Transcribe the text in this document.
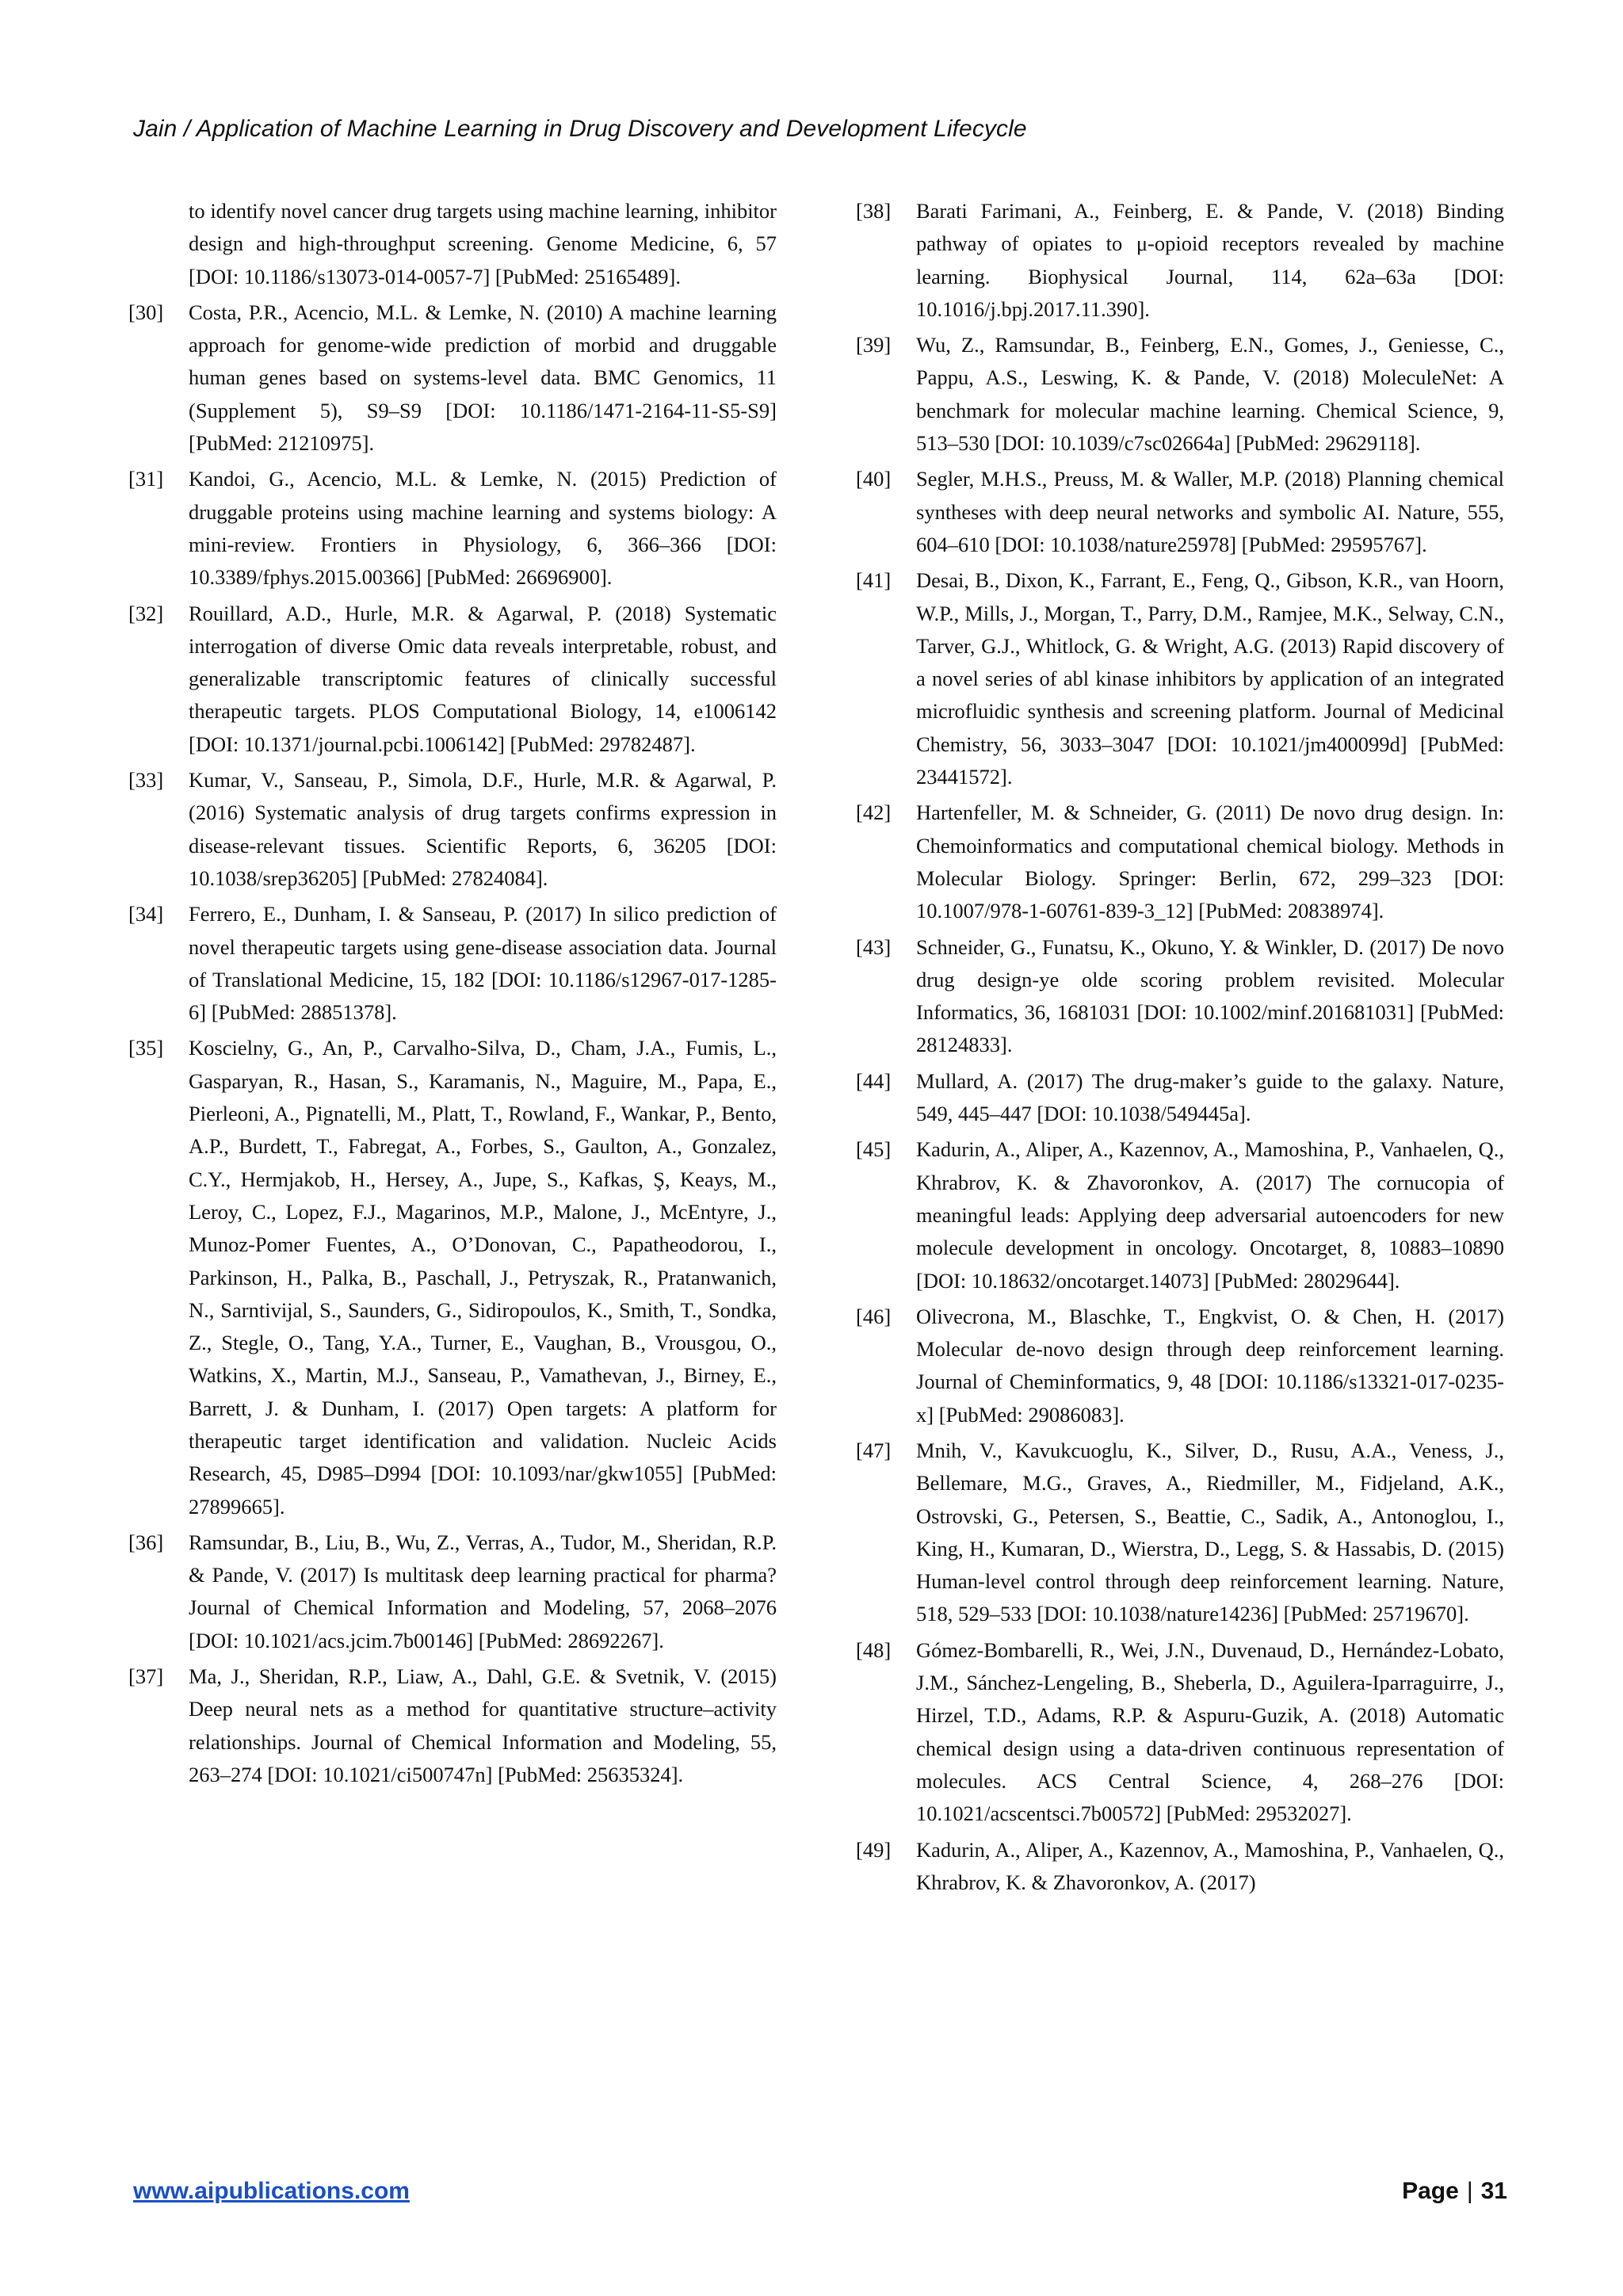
Jain / Application of Machine Learning in Drug Discovery and Development Lifecycle
to identify novel cancer drug targets using machine learning, inhibitor design and high-throughput screening. Genome Medicine, 6, 57 [DOI: 10.1186/s13073-014-0057-7] [PubMed: 25165489].
[30] Costa, P.R., Acencio, M.L. & Lemke, N. (2010) A machine learning approach for genome-wide prediction of morbid and druggable human genes based on systems-level data. BMC Genomics, 11 (Supplement 5), S9–S9 [DOI: 10.1186/1471-2164-11-S5-S9] [PubMed: 21210975].
[31] Kandoi, G., Acencio, M.L. & Lemke, N. (2015) Prediction of druggable proteins using machine learning and systems biology: A mini-review. Frontiers in Physiology, 6, 366–366 [DOI: 10.3389/fphys.2015.00366] [PubMed: 26696900].
[32] Rouillard, A.D., Hurle, M.R. & Agarwal, P. (2018) Systematic interrogation of diverse Omic data reveals interpretable, robust, and generalizable transcriptomic features of clinically successful therapeutic targets. PLOS Computational Biology, 14, e1006142 [DOI: 10.1371/journal.pcbi.1006142] [PubMed: 29782487].
[33] Kumar, V., Sanseau, P., Simola, D.F., Hurle, M.R. & Agarwal, P. (2016) Systematic analysis of drug targets confirms expression in disease-relevant tissues. Scientific Reports, 6, 36205 [DOI: 10.1038/srep36205] [PubMed: 27824084].
[34] Ferrero, E., Dunham, I. & Sanseau, P. (2017) In silico prediction of novel therapeutic targets using gene-disease association data. Journal of Translational Medicine, 15, 182 [DOI: 10.1186/s12967-017-1285-6] [PubMed: 28851378].
[35] Koscielny, G., An, P., Carvalho-Silva, D., Cham, J.A., Fumis, L., Gasparyan, R., Hasan, S., Karamanis, N., Maguire, M., Papa, E., Pierleoni, A., Pignatelli, M., Platt, T., Rowland, F., Wankar, P., Bento, A.P., Burdett, T., Fabregat, A., Forbes, S., Gaulton, A., Gonzalez, C.Y., Hermjakob, H., Hersey, A., Jupe, S., Kafkas, Ş, Keays, M., Leroy, C., Lopez, F.J., Magarinos, M.P., Malone, J., McEntyre, J., Munoz-Pomer Fuentes, A., O’Donovan, C., Papatheodorou, I., Parkinson, H., Palka, B., Paschall, J., Petryszak, R., Pratanwanich, N., Sarntivijal, S., Saunders, G., Sidiropoulos, K., Smith, T., Sondka, Z., Stegle, O., Tang, Y.A., Turner, E., Vaughan, B., Vrousgou, O., Watkins, X., Martin, M.J., Sanseau, P., Vamathevan, J., Birney, E., Barrett, J. & Dunham, I. (2017) Open targets: A platform for therapeutic target identification and validation. Nucleic Acids Research, 45, D985–D994 [DOI: 10.1093/nar/gkw1055] [PubMed: 27899665].
[36] Ramsundar, B., Liu, B., Wu, Z., Verras, A., Tudor, M., Sheridan, R.P. & Pande, V. (2017) Is multitask deep learning practical for pharma? Journal of Chemical Information and Modeling, 57, 2068–2076 [DOI: 10.1021/acs.jcim.7b00146] [PubMed: 28692267].
[37] Ma, J., Sheridan, R.P., Liaw, A., Dahl, G.E. & Svetnik, V. (2015) Deep neural nets as a method for quantitative structure–activity relationships. Journal of Chemical Information and Modeling, 55, 263–274 [DOI: 10.1021/ci500747n] [PubMed: 25635324].
[38] Barati Farimani, A., Feinberg, E. & Pande, V. (2018) Binding pathway of opiates to μ-opioid receptors revealed by machine learning. Biophysical Journal, 114, 62a–63a [DOI: 10.1016/j.bpj.2017.11.390].
[39] Wu, Z., Ramsundar, B., Feinberg, E.N., Gomes, J., Geniesse, C., Pappu, A.S., Leswing, K. & Pande, V. (2018) MoleculeNet: A benchmark for molecular machine learning. Chemical Science, 9, 513–530 [DOI: 10.1039/c7sc02664a] [PubMed: 29629118].
[40] Segler, M.H.S., Preuss, M. & Waller, M.P. (2018) Planning chemical syntheses with deep neural networks and symbolic AI. Nature, 555, 604–610 [DOI: 10.1038/nature25978] [PubMed: 29595767].
[41] Desai, B., Dixon, K., Farrant, E., Feng, Q., Gibson, K.R., van Hoorn, W.P., Mills, J., Morgan, T., Parry, D.M., Ramjee, M.K., Selway, C.N., Tarver, G.J., Whitlock, G. & Wright, A.G. (2013) Rapid discovery of a novel series of abl kinase inhibitors by application of an integrated microfluidic synthesis and screening platform. Journal of Medicinal Chemistry, 56, 3033–3047 [DOI: 10.1021/jm400099d] [PubMed: 23441572].
[42] Hartenfeller, M. & Schneider, G. (2011) De novo drug design. In: Chemoinformatics and computational chemical biology. Methods in Molecular Biology. Springer: Berlin, 672, 299–323 [DOI: 10.1007/978-1-60761-839-3_12] [PubMed: 20838974].
[43] Schneider, G., Funatsu, K., Okuno, Y. & Winkler, D. (2017) De novo drug design-ye olde scoring problem revisited. Molecular Informatics, 36, 1681031 [DOI: 10.1002/minf.201681031] [PubMed: 28124833].
[44] Mullard, A. (2017) The drug-maker’s guide to the galaxy. Nature, 549, 445–447 [DOI: 10.1038/549445a].
[45] Kadurin, A., Aliper, A., Kazennov, A., Mamoshina, P., Vanhaelen, Q., Khrabrov, K. & Zhavoronkov, A. (2017) The cornucopia of meaningful leads: Applying deep adversarial autoencoders for new molecule development in oncology. Oncotarget, 8, 10883–10890 [DOI: 10.18632/oncotarget.14073] [PubMed: 28029644].
[46] Olivecrona, M., Blaschke, T., Engkvist, O. & Chen, H. (2017) Molecular de-novo design through deep reinforcement learning. Journal of Cheminformatics, 9, 48 [DOI: 10.1186/s13321-017-0235-x] [PubMed: 29086083].
[47] Mnih, V., Kavukcuoglu, K., Silver, D., Rusu, A.A., Veness, J., Bellemare, M.G., Graves, A., Riedmiller, M., Fidjeland, A.K., Ostrovski, G., Petersen, S., Beattie, C., Sadik, A., Antonoglou, I., King, H., Kumaran, D., Wierstra, D., Legg, S. & Hassabis, D. (2015) Human-level control through deep reinforcement learning. Nature, 518, 529–533 [DOI: 10.1038/nature14236] [PubMed: 25719670].
[48] Gómez-Bombarelli, R., Wei, J.N., Duvenaud, D., Hernández-Lobato, J.M., Sánchez-Lengeling, B., Sheberla, D., Aguilera-Iparraguirre, J., Hirzel, T.D., Adams, R.P. & Aspuru-Guzik, A. (2018) Automatic chemical design using a data-driven continuous representation of molecules. ACS Central Science, 4, 268–276 [DOI: 10.1021/acscentsci.7b00572] [PubMed: 29532027].
[49] Kadurin, A., Aliper, A., Kazennov, A., Mamoshina, P., Vanhaelen, Q., Khrabrov, K. & Zhavoronkov, A. (2017)
www.aipublications.com	Page | 31
